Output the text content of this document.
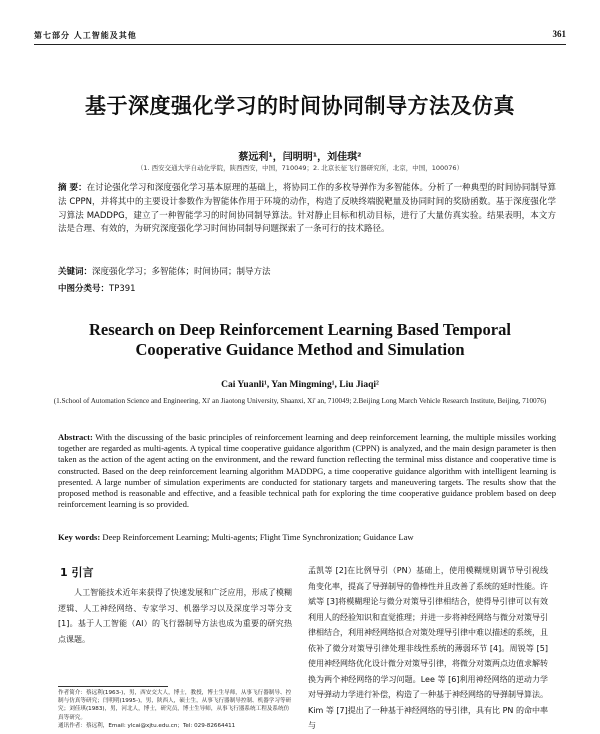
第七部分 人工智能及其他	361
基于深度强化学习的时间协同制导方法及仿真
蔡远利¹，闫明明¹，刘佳琪²
（1. 西安交通大学自动化学院，陕西西安，中国，710049；2. 北京长征飞行器研究所，北京，中国，100076）
摘 要：在讨论强化学习和深度强化学习基本原理的基础上，将协同工作的多枚导弹作为多智能体。分析了一种典型的时间协同制导算法 CPPN，并将其中的主要设计参数作为智能体作用于环境的动作，构造了反映终端脱靶量及协同时间的奖励函数。基于深度强化学习算法 MADDPG，建立了一种智能学习的时间协同制导算法。针对静止目标和机动目标，进行了大量仿真实验。结果表明，本文方法是合理、有效的，为研究深度强化学习时间协同制导问题探索了一条可行的技术路径。
关键词：深度强化学习；多智能体；时间协同；制导方法
中图分类号：TP391
Research on Deep Reinforcement Learning Based Temporal
Cooperative Guidance Method and Simulation
Cai Yuanli¹, Yan Mingming¹, Liu Jiaqi²
(1.School of Automation Science and Engineering, Xi' an Jiaotong University, Shaanxi, Xi' an, 710049; 2.Beijing Long March Vehicle Research Institute, Beijing, 710076)
Abstract: With the discussing of the basic principles of reinforcement learning and deep reinforcement learning, the multiple missiles working together are regarded as multi-agents. A typical time cooperative guidance algorithm (CPPN) is analyzed, and the main design parameter is then taken as the action of the agent acting on the environment, and the reward function reflecting the terminal miss distance and cooperative time is constructed. Based on the deep reinforcement learning algorithm MADDPG, a time cooperative guidance algorithm with intelligent learning is presented. A large number of simulation experiments are conducted for stationary targets and maneuvering targets. The results show that the proposed method is reasonable and effective, and a feasible technical path for exploring the time cooperative guidance problem based on deep reinforcement learning is so provided.
Key words: Deep Reinforcement Learning; Multi-agents; Flight Time Synchronization; Guidance Law
1 引言

人工智能技术近年来获得了快速发展和广泛应用，形成了模糊逻辑、人工神经网络、专家学习、机器学习以及深度学习等分支 [1]。基于人工智能（AI）的飞行器制导方法也成为重要的研究热点课题。

孟凯等 [2]在比例导引（PN）基础上，使用模糊规则调节导引视线角变化率，提高了导弹制导的鲁棒性并且改善了系统的延时性能。许斌等 [3]将模糊理论与微分对策导引律相结合，使得导引律可以有效利用人的经验知识和直觉推理；并进一步将神经网络与微分对策导引律相结合，利用神经网络拟合对策处理导引律中难以描述的系统，且依补了微分对策导引律处理非线性系统的薄弱环节 [4]。周锐等 [5]使用神经网络优化设计微分对策导引律，将微分对策两点边值求解转换为两个神经网络的学习问题。Lee 等 [6]利用神经网络的逆动力学对导弹动力学进行补偿，构造了一种基于神经网络的导弹制导算法。Kim 等 [7]提出了一种基于神经网络的导引律，具有比 PN 的命中率与

作者简介：蔡远利(1963-)，男，西安交大人，博士，教授，博士生导师，从事飞行器制导、控制与仿真等研究；闫明明(1995-)，男，陕西人，硕士生，从事飞行器制导控制、机器学习等研究；刘佳琪(1983)，男，河北人，博士，研究员，博士生导师，从事飞行器系统工程及系统仿真等研究。

通讯作者：蔡远利，Email: ylcai@xjtu.edu.cn；Tel: 029-82664411
